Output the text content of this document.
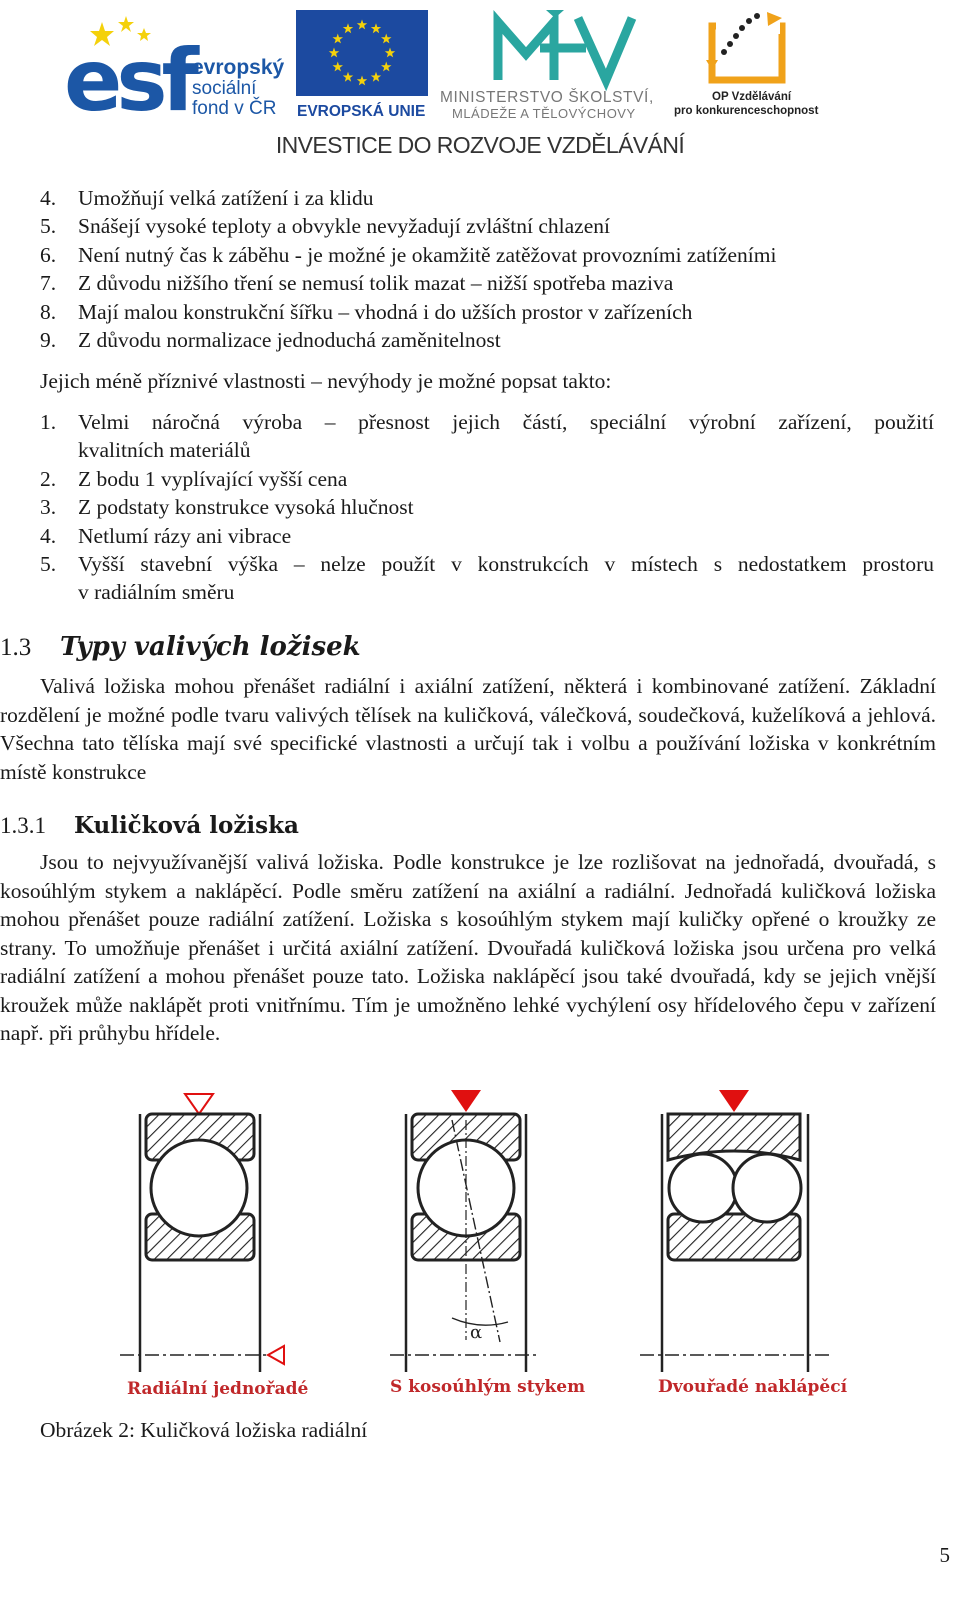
esf evropský
sociální
fond v ČR EVROPSKÁ UNIE
MINISTERSTVO ŠKOLSTVÍ,
MLÁDEŽE A TĚLOVÝCHOVY
OP Vzdělávání
pro konkurenceschopnost
INVESTICE DO ROZVOJE VZDĚLÁVÁNÍ
4. Umožňují velká zatížení i za klidu
5. Snášejí vysoké teploty a obvykle nevyžadují zvláštní chlazení
6. Není nutný čas k záběhu - je možné je okamžitě zatěžovat provozními zatíženími
7. Z důvodu nižšího tření se nemusí tolik mazat – nižší spotřeba maziva
8. Mají malou konstrukční šířku – vhodná i do užších prostor v zařízeních
9. Z důvodu normalizace jednoduchá zaměnitelnost
Jejich méně příznivé vlastnosti – nevýhody je možné popsat takto:
1. Velmi náročná výroba – přesnost jejich částí, speciální výrobní zařízení, použití
kvalitních materiálů
2. Z bodu 1 vyplívající vyšší cena
3. Z podstaty konstrukce vysoká hlučnost
4. Netlumí rázy ani vibrace
5. Vyšší stavební výška – nelze použít v konstrukcích v místech s nedostatkem prostoru
v radiálním směru
1.3 Typy valivých ložisek
Valivá ložiska mohou přenášet radiální i axiální zatížení, některá i kombinované zatížení. Základní rozdělení je možné podle tvaru valivých tělísek na kuličková, válečková, soudečková, kuželíková a jehlová. Všechna tato tělíska mají své specifické vlastnosti a určují tak i volbu a používání ložiska v konkrétním místě konstrukce
1.3.1 Kuličková ložiska
Jsou to nejvyužívanější valivá ložiska. Podle konstrukce je lze rozlišovat na jednořadá, dvouřadá, s kosoúhlým stykem a naklápěcí. Podle směru zatížení na axiální a radiální. Jednořadá kuličková ložiska mohou přenášet pouze radiální zatížení. Ložiska s kosoúhlým stykem mají kuličky opřené o kroužky ze strany. To umožňuje přenášet i určitá axiální zatížení. Dvouřadá kuličková ložiska jsou určena pro velká radiální zatížení a mohou přenášet pouze tato. Ložiska naklápěcí jsou také dvouřadá, kdy se jejich vnější kroužek může naklápět proti vnitřnímu. Tím je umožněno lehké vychýlení osy hřídelového čepu v zařízení např. při průhybu hřídele.
Radiální jednořadé
α
S kosoúhlým stykem	Dvouřadé naklápěcí
Obrázek 2: Kuličková ložiska radiální
5
